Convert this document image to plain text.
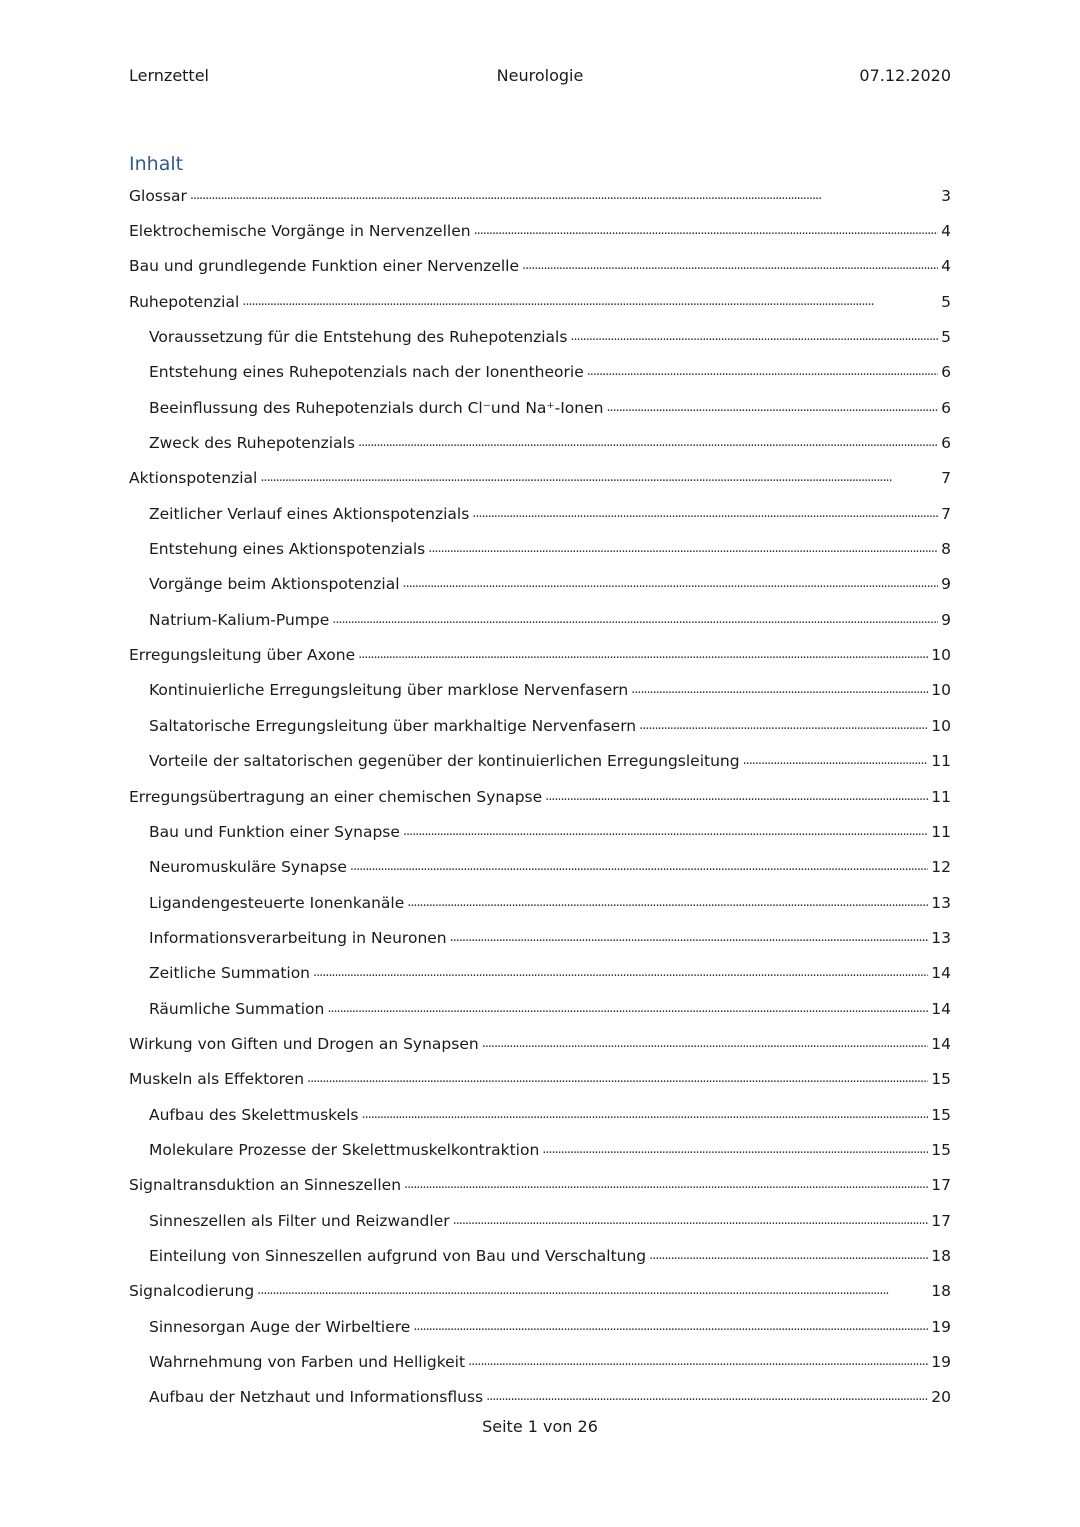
Lernzettel	Neurologie	07.12.2020
Inhalt
Glossar . . .	3
Elektrochemische Vorgänge in Nervenzellen . . .	4
Bau und grundlegende Funktion einer Nervenzelle . . .	4
Ruhepotenzial . . .	5
Voraussetzung für die Entstehung des Ruhepotenzials . . .	5
Entstehung eines Ruhepotenzials nach der Ionentheorie . . .	6
Beeinflussung des Ruhepotenzials durch Cl⁻und Na⁺-Ionen . . .	6
Zweck des Ruhepotenzials . . .	6
Aktionspotenzial . . .	7
Zeitlicher Verlauf eines Aktionspotenzials . . .	7
Entstehung eines Aktionspotenzials . . .	8
Vorgänge beim Aktionspotenzial . . .	9
Natrium-Kalium-Pumpe . . .	9
Erregungsleitung über Axone . . .	10
Kontinuierliche Erregungsleitung über marklose Nervenfasern . . .	10
Saltatorische Erregungsleitung über markhaltige Nervenfasern . . .	10
Vorteile der saltatorischen gegenüber der kontinuierlichen Erregungsleitung . . .	11
Erregungsübertragung an einer chemischen Synapse . . .	11
Bau und Funktion einer Synapse . . .	11
Neuromuskuläre Synapse . . .	12
Ligandengesteuerte Ionenkanäle . . .	13
Informationsverarbeitung in Neuronen . . .	13
Zeitliche Summation . . .	14
Räumliche Summation . . .	14
Wirkung von Giften und Drogen an Synapsen . . .	14
Muskeln als Effektoren . . .	15
Aufbau des Skelettmuskels . . .	15
Molekulare Prozesse der Skelettmuskelkontraktion . . .	15
Signaltransduktion an Sinneszellen . . .	17
Sinneszellen als Filter und Reizwandler . . .	17
Einteilung von Sinneszellen aufgrund von Bau und Verschaltung . . .	18
Signalcodierung . . .	18
Sinnesorgan Auge der Wirbeltiere . . .	19
Wahrnehmung von Farben und Helligkeit . . .	19
Aufbau der Netzhaut und Informationsfluss . . .	20
Seite 1 von 26
